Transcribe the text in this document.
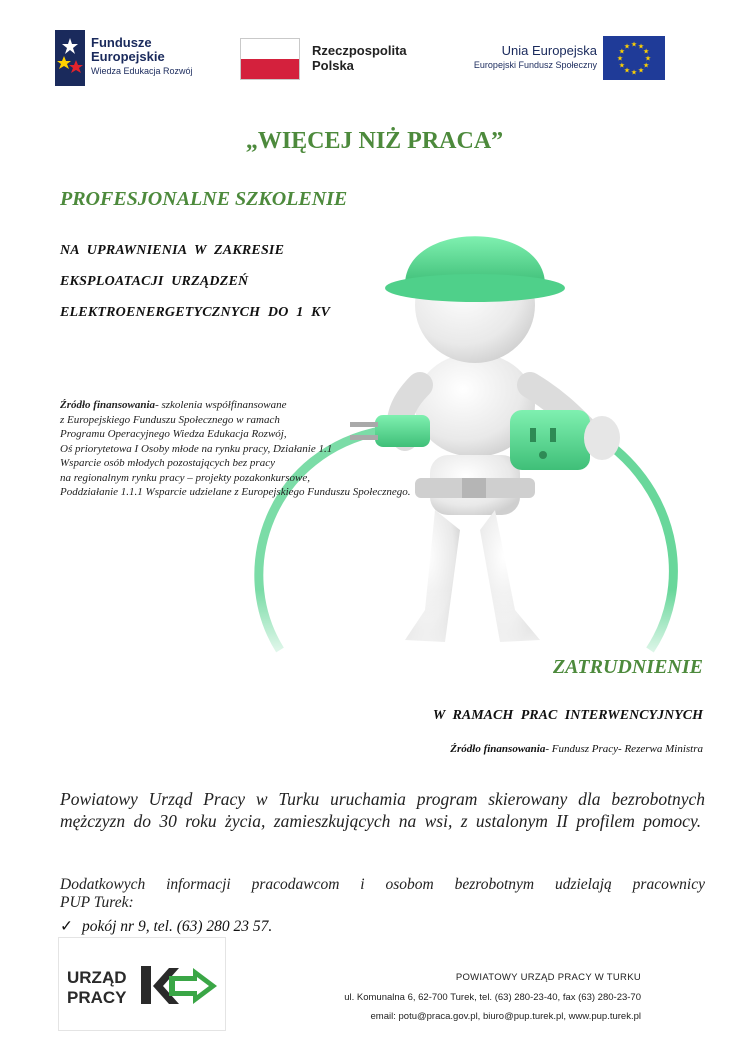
Fundusze Europejskie
Wiedza Edukacja Rozwój
Rzeczpospolita Polska
Unia Europejska
Europejski Fundusz Społeczny
★ ★
★
★
★
★
★
★
★
★
★
★
„WIĘCEJ NIŻ PRACA”
PROFESJONALNE SZKOLENIE
NA UPRAWNIENIA W ZAKRESIE
EKSPLOATACJI URZĄDZEŃ
ELEKTROENERGETYCZNYCH DO 1 KV
Źródło finansowania- szkolenia współfinansowane
z Europejskiego Funduszu Społecznego w ramach
Programu Operacyjnego Wiedza Edukacja Rozwój,
Oś priorytetowa I Osoby młode na rynku pracy, Działanie 1.1
Wsparcie osób młodych pozostających bez pracy
na regionalnym rynku pracy – projekty pozakonkursowe,
Poddziałanie 1.1.1 Wsparcie udzielane z Europejskiego Funduszu Społecznego.
ZATRUDNIENIE
W RAMACH PRAC INTERWENCYJNYCH
Źródło finansowania- Fundusz Pracy- Rezerwa Ministra
Powiatowy Urząd Pracy w Turku uruchamia program skierowany dla bezrobotnych mężczyzn do 30 roku życia, zamieszkujących na wsi, z ustalonym II profilem pomocy.
Dodatkowych informacji pracodawcom i osobom bezrobotnym udzielają pracownicy
PUP Turek:
✓ pokój nr 9, tel. (63) 280 23 57.
URZĄD
PRACY
POWIATOWY URZĄD PRACY W TURKU
ul. Komunalna 6, 62-700 Turek, tel. (63) 280-23-40, fax (63) 280-23-70
email: potu@praca.gov.pl, biuro@pup.turek.pl, www.pup.turek.pl
